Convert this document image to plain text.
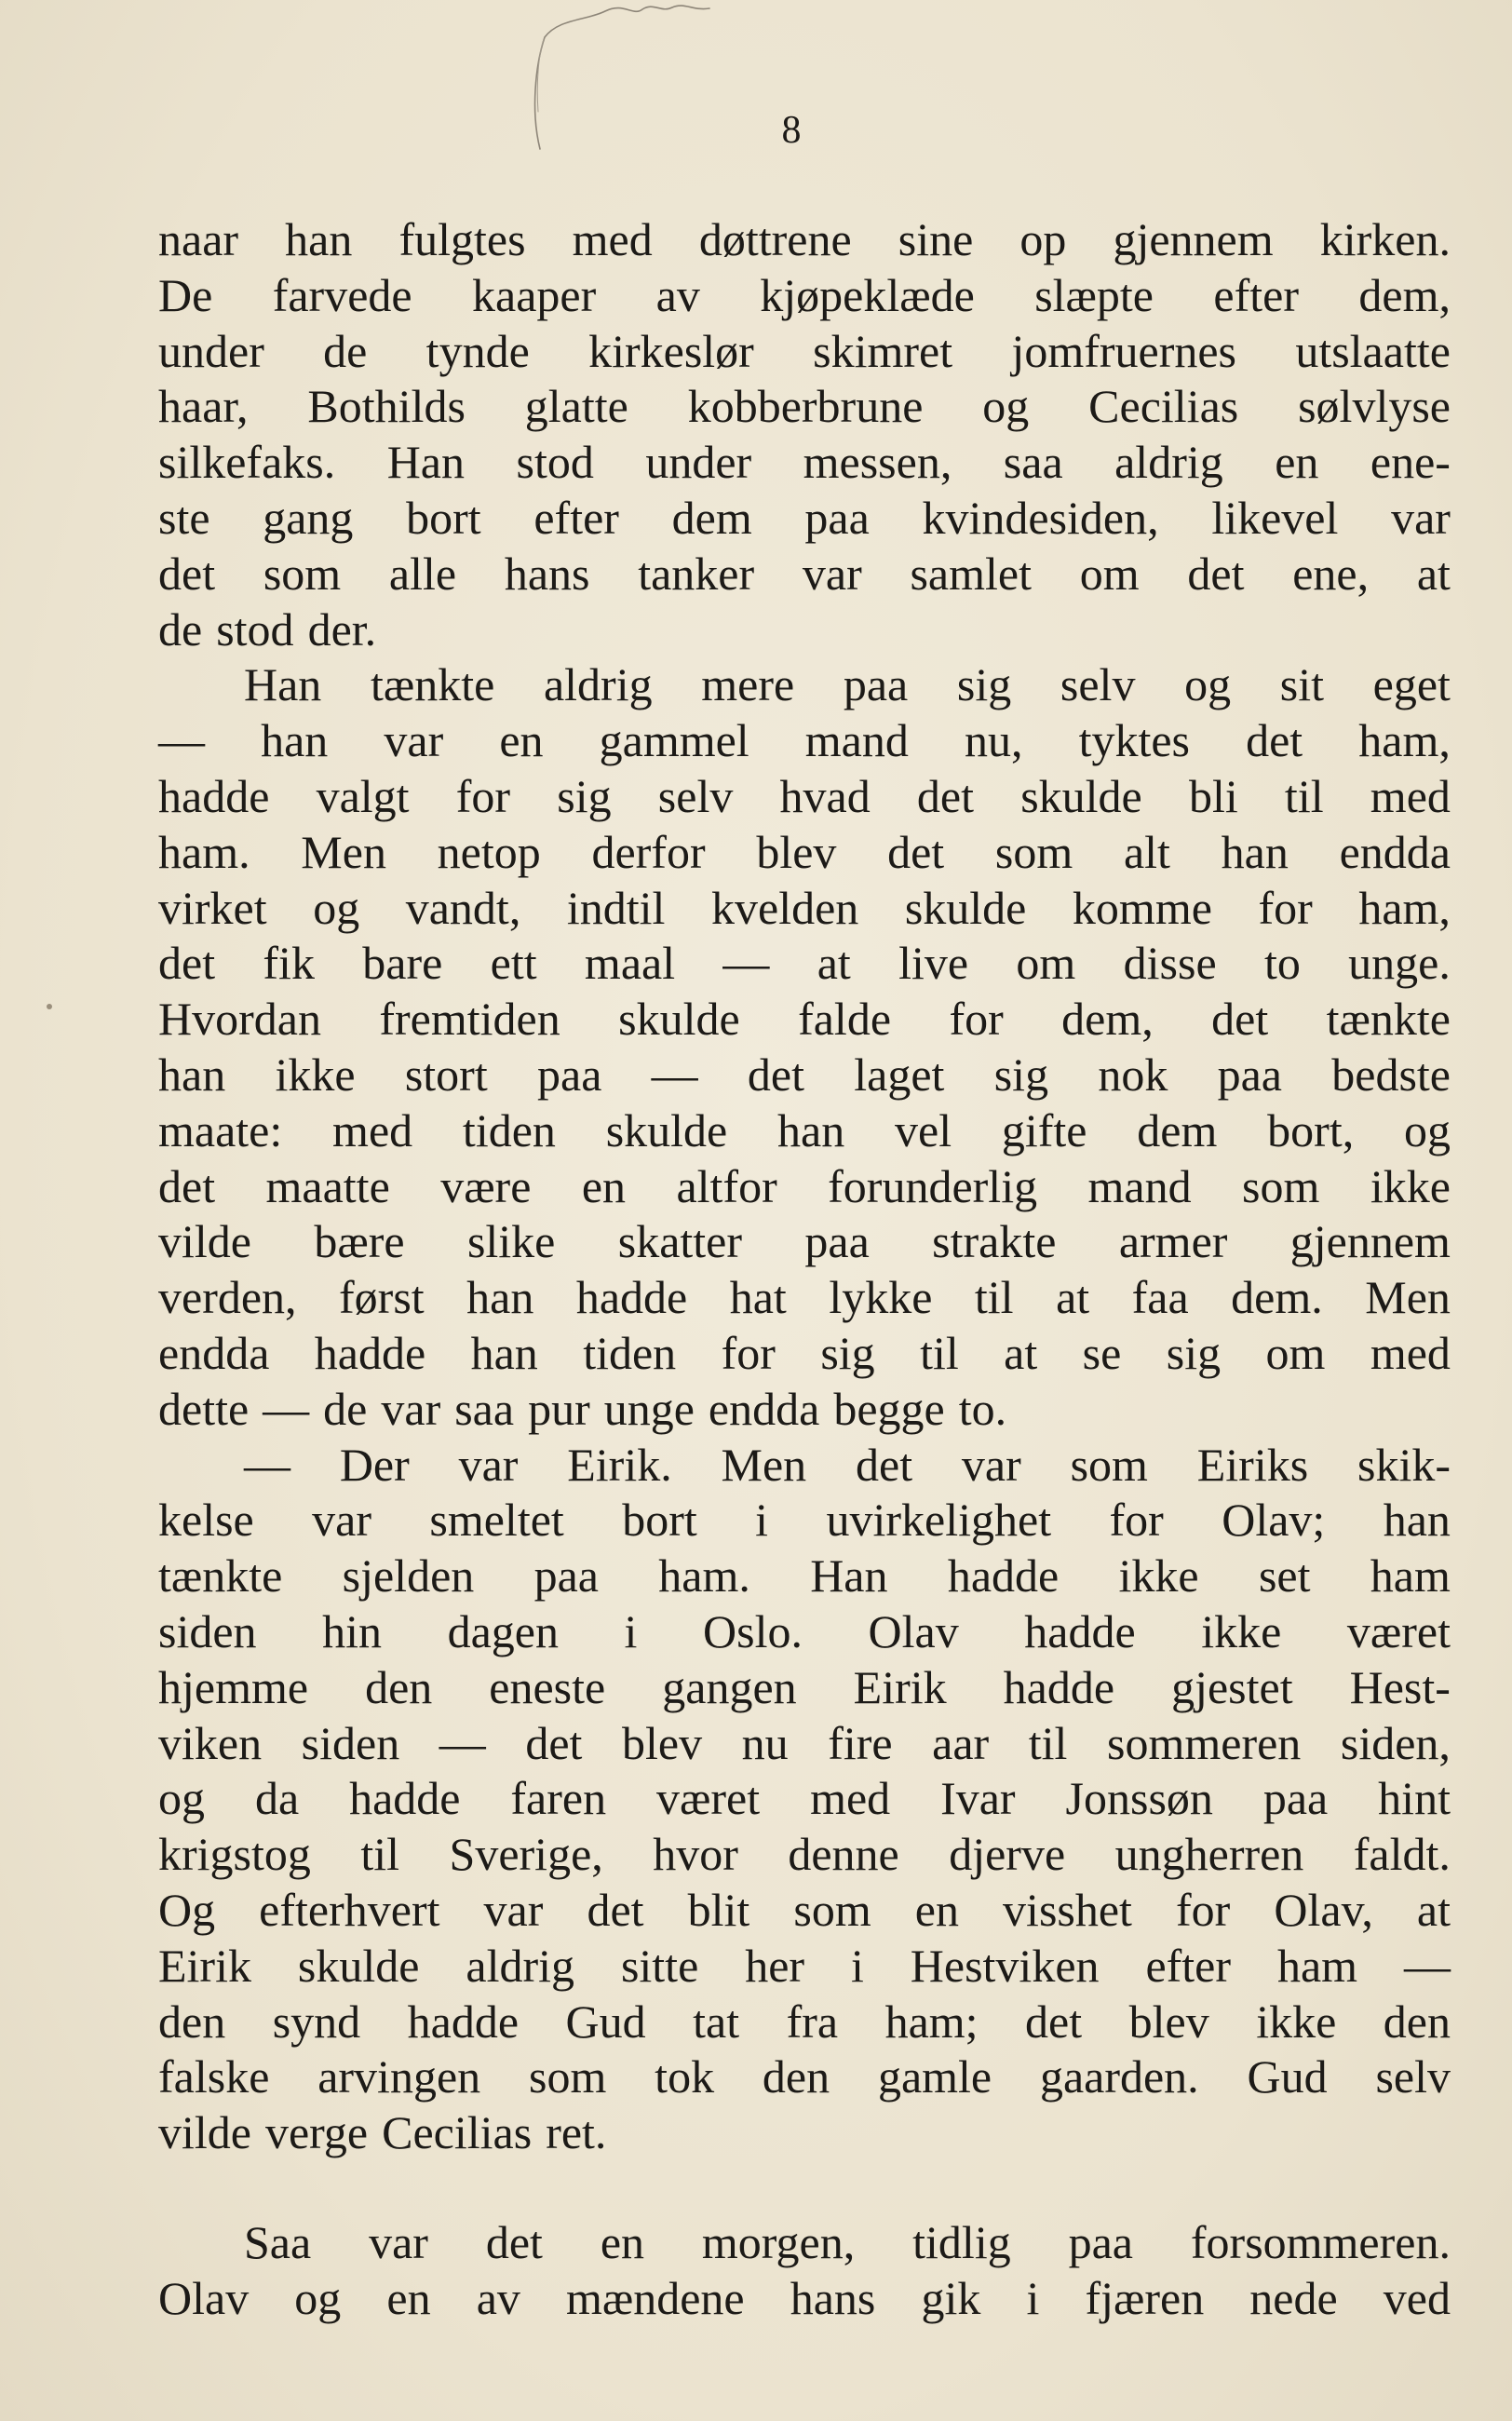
8
naar han fulgtes med døttrene sine op gjennem kirken.
De farvede kaaper av kjøpeklæde slæpte efter dem,
under de tynde kirkeslør skimret jomfruernes utslaatte
haar, Bothilds glatte kobberbrune og Cecilias sølvlyse
silkefaks. Han stod under messen, saa aldrig en ene-
ste gang bort efter dem paa kvindesiden, likevel var
det som alle hans tanker var samlet om det ene, at
de stod der.
Han tænkte aldrig mere paa sig selv og sit eget
— han var en gammel mand nu, tyktes det ham,
hadde valgt for sig selv hvad det skulde bli til med
ham. Men netop derfor blev det som alt han endda
virket og vandt, indtil kvelden skulde komme for ham,
det fik bare ett maal — at live om disse to unge.
Hvordan fremtiden skulde falde for dem, det tænkte
han ikke stort paa — det laget sig nok paa bedste
maate: med tiden skulde han vel gifte dem bort, og
det maatte være en altfor forunderlig mand som ikke
vilde bære slike skatter paa strakte armer gjennem
verden, først han hadde hat lykke til at faa dem. Men
endda hadde han tiden for sig til at se sig om med
dette — de var saa pur unge endda begge to.
— Der var Eirik. Men det var som Eiriks skik-
kelse var smeltet bort i uvirkelighet for Olav; han
tænkte sjelden paa ham. Han hadde ikke set ham
siden hin dagen i Oslo. Olav hadde ikke været
hjemme den eneste gangen Eirik hadde gjestet Hest-
viken siden — det blev nu fire aar til sommeren siden,
og da hadde faren været med Ivar Jonssøn paa hint
krigstog til Sverige, hvor denne djerve ungherren faldt.
Og efterhvert var det blit som en visshet for Olav, at
Eirik skulde aldrig sitte her i Hestviken efter ham —
den synd hadde Gud tat fra ham; det blev ikke den
falske arvingen som tok den gamle gaarden. Gud selv
vilde verge Cecilias ret.
Saa var det en morgen, tidlig paa forsommeren.
Olav og en av mændene hans gik i fjæren nede ved
